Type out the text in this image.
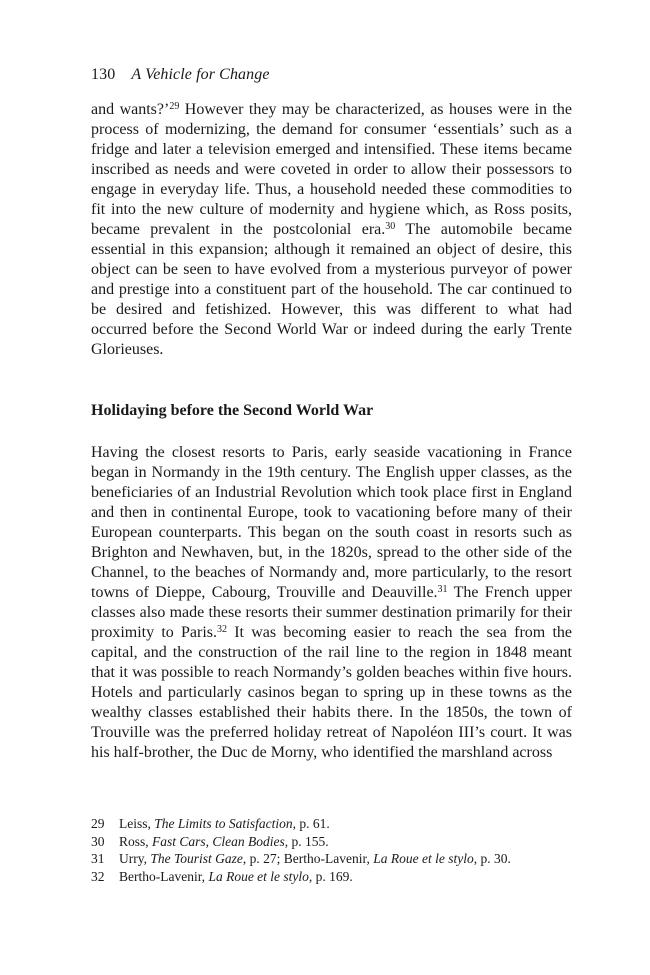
130 A Vehicle for Change

and wants?’$^{29}$ However they may be characterized, as houses were in the process of modernizing, the demand for consumer ‘essentials’ such as a fridge and later a television emerged and intensified. These items became inscribed as needs and were coveted in order to allow their possessors to engage in everyday life. Thus, a household needed these commodities to fit into the new culture of modernity and hygiene which, as Ross posits, became prevalent in the postcolonial era.$^{30}$ The automobile became essential in this expansion; although it remained an object of desire, this object can be seen to have evolved from a mysterious purveyor of power and prestige into a constituent part of the household. The car continued to be desired and fetishized. However, this was different to what had occurred before the Second World War or indeed during the early Trente Glorieuses.

Holidaying before the Second World War

Having the closest resorts to Paris, early seaside vacationing in France began in Normandy in the 19th century. The English upper classes, as the beneficiaries of an Industrial Revolution which took place first in England and then in continental Europe, took to vacationing before many of their European counterparts. This began on the south coast in resorts such as Brighton and Newhaven, but, in the 1820s, spread to the other side of the Channel, to the beaches of Normandy and, more particularly, to the resort towns of Dieppe, Cabourg, Trouville and Deauville.$^{31}$ The French upper classes also made these resorts their summer destination primarily for their proximity to Paris.$^{32}$ It was becoming easier to reach the sea from the capital, and the construction of the rail line to the region in 1848 meant that it was possible to reach Normandy’s golden beaches within five hours. Hotels and particularly casinos began to spring up in these towns as the wealthy classes established their habits there. In the 1850s, the town of Trouville was the preferred holiday retreat of Napoléon III’s court. It was his half-brother, the Duc de Morny, who identified the marshland across

29 Leiss, The Limits to Satisfaction, p. 61.
30 Ross, Fast Cars, Clean Bodies, p. 155.
31 Urry, The Tourist Gaze, p. 27; Bertho-Lavenir, La Roue et le stylo, p. 30.
32 Bertho-Lavenir, La Roue et le stylo, p. 169.
